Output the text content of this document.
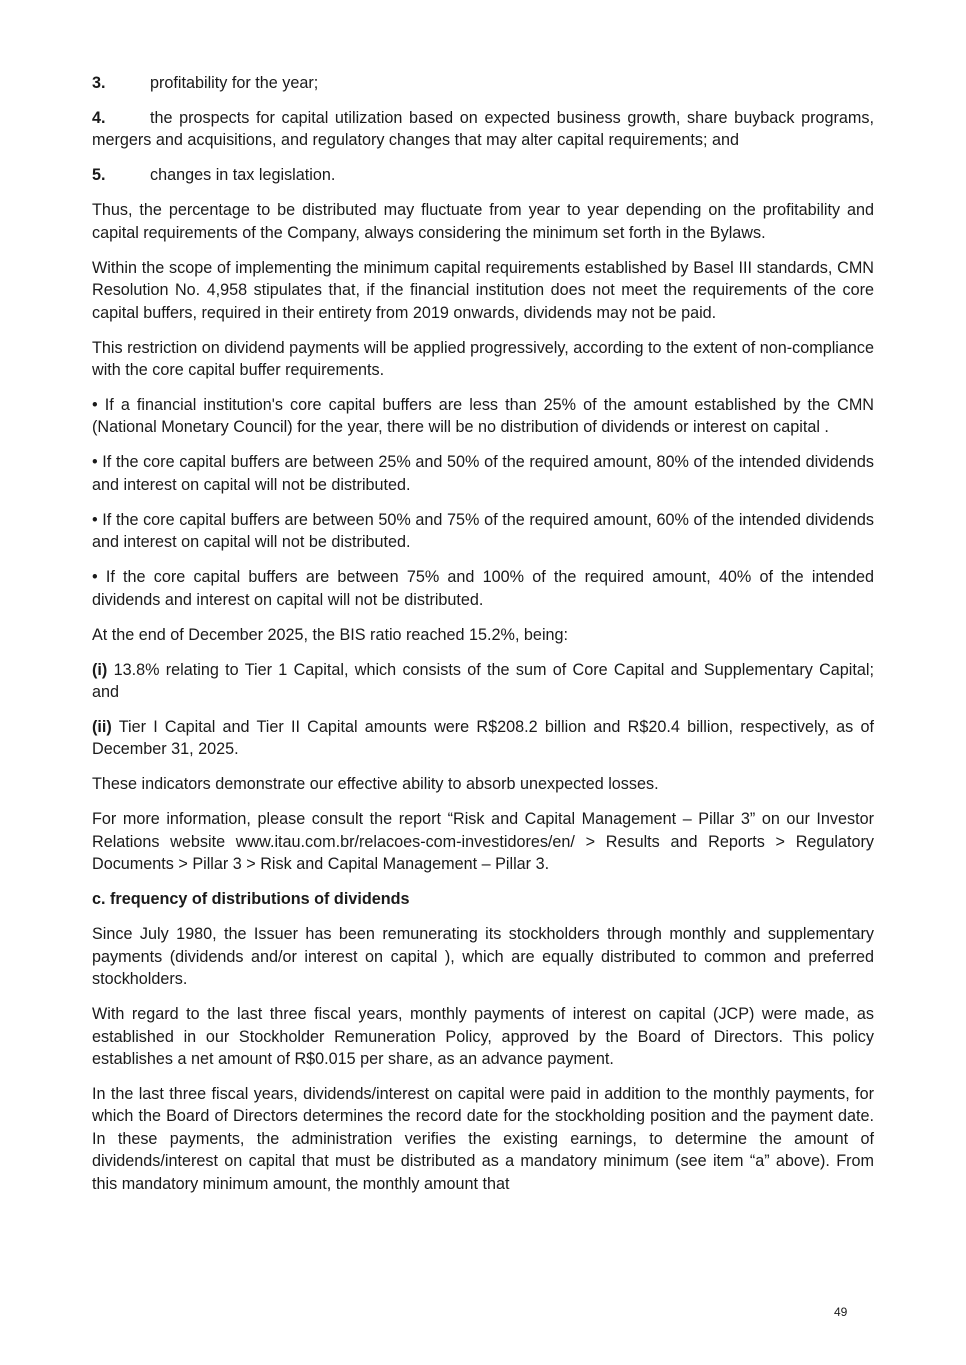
3.	profitability for the year;

4.	the prospects for capital utilization based on expected business growth, share buyback programs, mergers and acquisitions, and regulatory changes that may alter capital requirements; and

5.	changes in tax legislation.

Thus, the percentage to be distributed may fluctuate from year to year depending on the profitability and capital requirements of the Company, always considering the minimum set forth in the Bylaws.

Within the scope of implementing the minimum capital requirements established by Basel III standards, CMN Resolution No. 4,958 stipulates that, if the financial institution does not meet the requirements of the core capital buffers, required in their entirety from 2019 onwards, dividends may not be paid.

This restriction on dividend payments will be applied progressively, according to the extent of non-compliance with the core capital buffer requirements.

• If a financial institution's core capital buffers are less than 25% of the amount established by the CMN (National Monetary Council) for the year, there will be no distribution of dividends or interest on capital .

• If the core capital buffers are between 25% and 50% of the required amount, 80% of the intended dividends and interest on capital will not be distributed.

• If the core capital buffers are between 50% and 75% of the required amount, 60% of the intended dividends and interest on capital will not be distributed.

• If the core capital buffers are between 75% and 100% of the required amount, 40% of the intended dividends and interest on capital will not be distributed.

At the end of December 2025, the BIS ratio reached 15.2%, being:

(i) 13.8% relating to Tier 1 Capital, which consists of the sum of Core Capital and Supplementary Capital; and

(ii) Tier I Capital and Tier II Capital amounts were R$208.2 billion and R$20.4 billion, respectively, as of December 31, 2025.

These indicators demonstrate our effective ability to absorb unexpected losses.

For more information, please consult the report “Risk and Capital Management – Pillar 3” on our Investor Relations website www.itau.com.br/relacoes-com-investidores/en/ > Results and Reports > Regulatory Documents > Pillar 3 > Risk and Capital Management – Pillar 3.

c. frequency of distributions of dividends

Since July 1980, the Issuer has been remunerating its stockholders through monthly and supplementary payments (dividends and/or interest on capital ), which are equally distributed to common and preferred stockholders.

With regard to the last three fiscal years, monthly payments of interest on capital (JCP) were made, as established in our Stockholder Remuneration Policy, approved by the Board of Directors. This policy establishes a net amount of R$0.015 per share, as an advance payment.

In the last three fiscal years, dividends/interest on capital were paid in addition to the monthly payments, for which the Board of Directors determines the record date for the stockholding position and the payment date. In these payments, the administration verifies the existing earnings, to determine the amount of dividends/interest on capital that must be distributed as a mandatory minimum (see item “a” above). From this mandatory minimum amount, the monthly amount that

49
